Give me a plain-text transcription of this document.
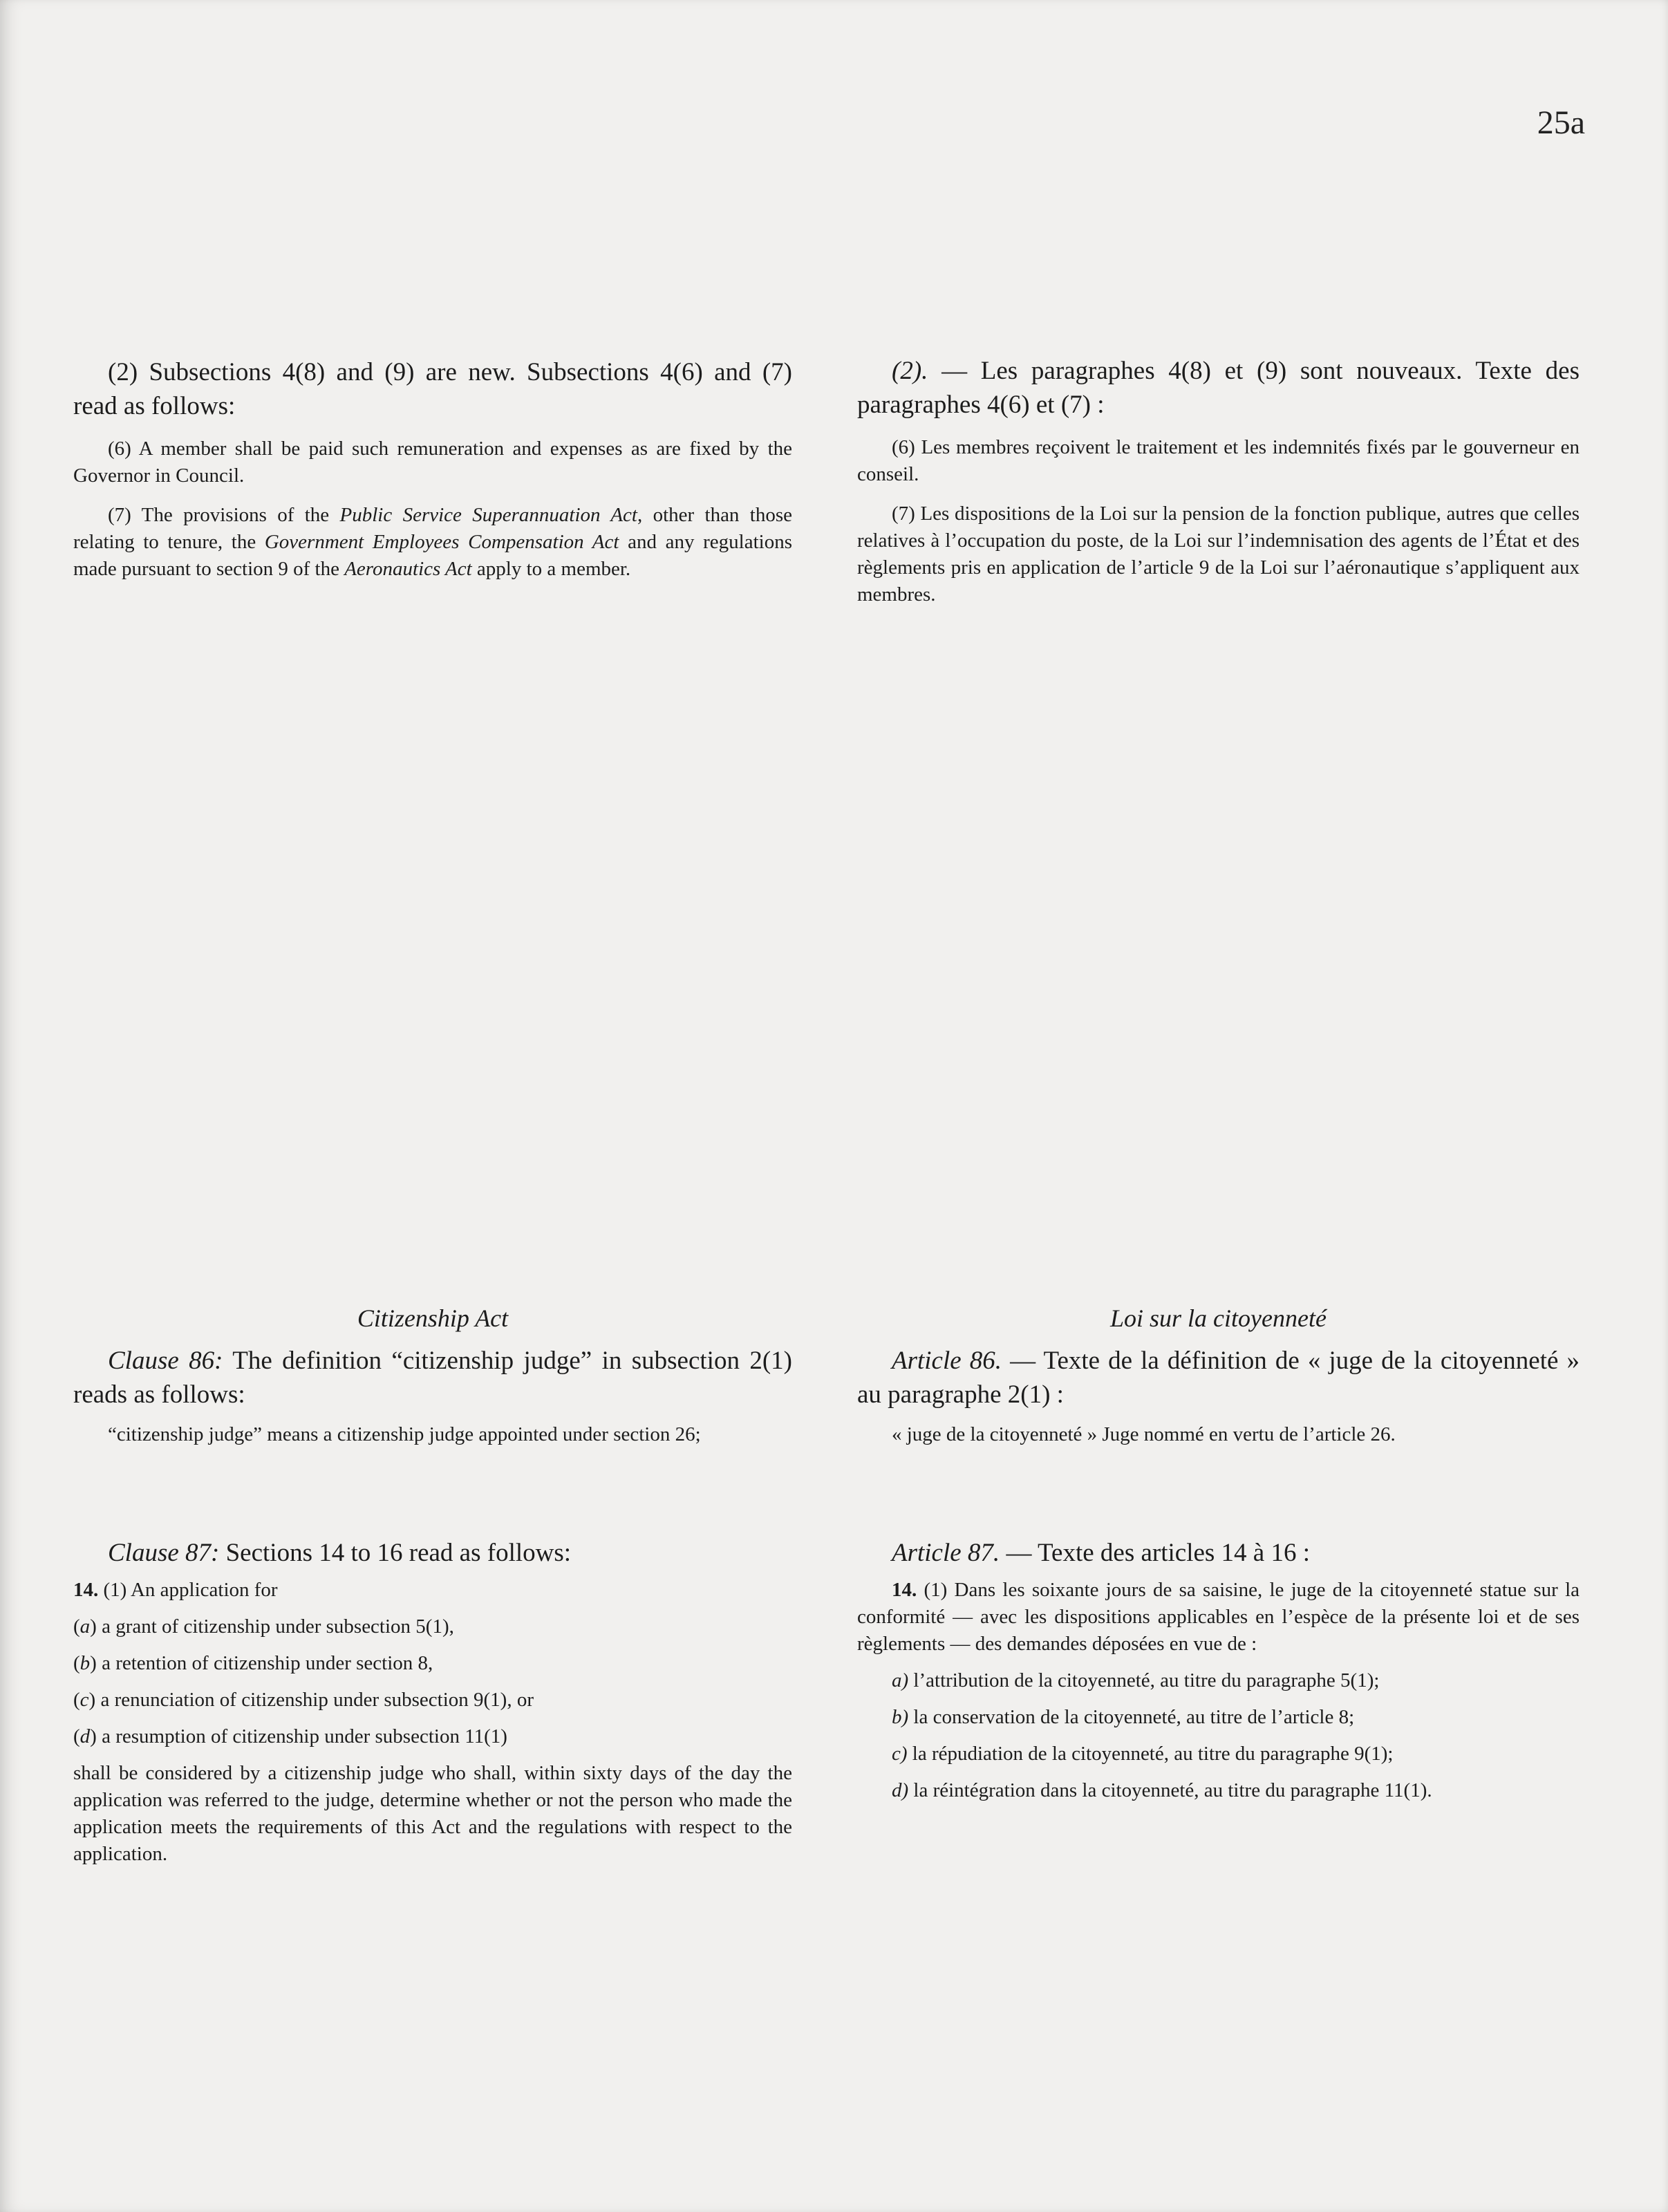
25a

(2) Subsections 4(8) and (9) are new. Subsections 4(6) and (7) read as follows:

(6) A member shall be paid such remuneration and expenses as are fixed by the Governor in Council.

(7) The provisions of the Public Service Superannuation Act, other than those relating to tenure, the Government Employees Compensation Act and any regulations made pursuant to section 9 of the Aeronautics Act apply to a member.

Citizenship Act

Clause 86: The definition “citizenship judge” in subsection 2(1) reads as follows:

“citizenship judge” means a citizenship judge appointed under section 26;

Clause 87: Sections 14 to 16 read as follows:

14. (1) An application for

(a) a grant of citizenship under subsection 5(1),

(b) a retention of citizenship under section 8,

(c) a renunciation of citizenship under subsection 9(1), or

(d) a resumption of citizenship under subsection 11(1)

shall be considered by a citizenship judge who shall, within sixty days of the day the application was referred to the judge, determine whether or not the person who made the application meets the requirements of this Act and the regulations with respect to the application.

(2). — Les paragraphes 4(8) et (9) sont nouveaux. Texte des paragraphes 4(6) et (7) :

(6) Les membres reçoivent le traitement et les indemnités fixés par le gouverneur en conseil.

(7) Les dispositions de la Loi sur la pension de la fonction publique, autres que celles relatives à l’occupation du poste, de la Loi sur l’indemnisation des agents de l’État et des règlements pris en application de l’article 9 de la Loi sur l’aéronautique s’appliquent aux membres.

Loi sur la citoyenneté

Article 86. — Texte de la définition de « juge de la citoyenneté » au paragraphe 2(1) :

« juge de la citoyenneté » Juge nommé en vertu de l’article 26.

Article 87. — Texte des articles 14 à 16 :

14. (1) Dans les soixante jours de sa saisine, le juge de la citoyenneté statue sur la conformité — avec les dispositions applicables en l’espèce de la présente loi et de ses règlements — des demandes déposées en vue de :

a) l’attribution de la citoyenneté, au titre du paragraphe 5(1);

b) la conservation de la citoyenneté, au titre de l’article 8;

c) la répudiation de la citoyenneté, au titre du paragraphe 9(1);

d) la réintégration dans la citoyenneté, au titre du paragraphe 11(1).
